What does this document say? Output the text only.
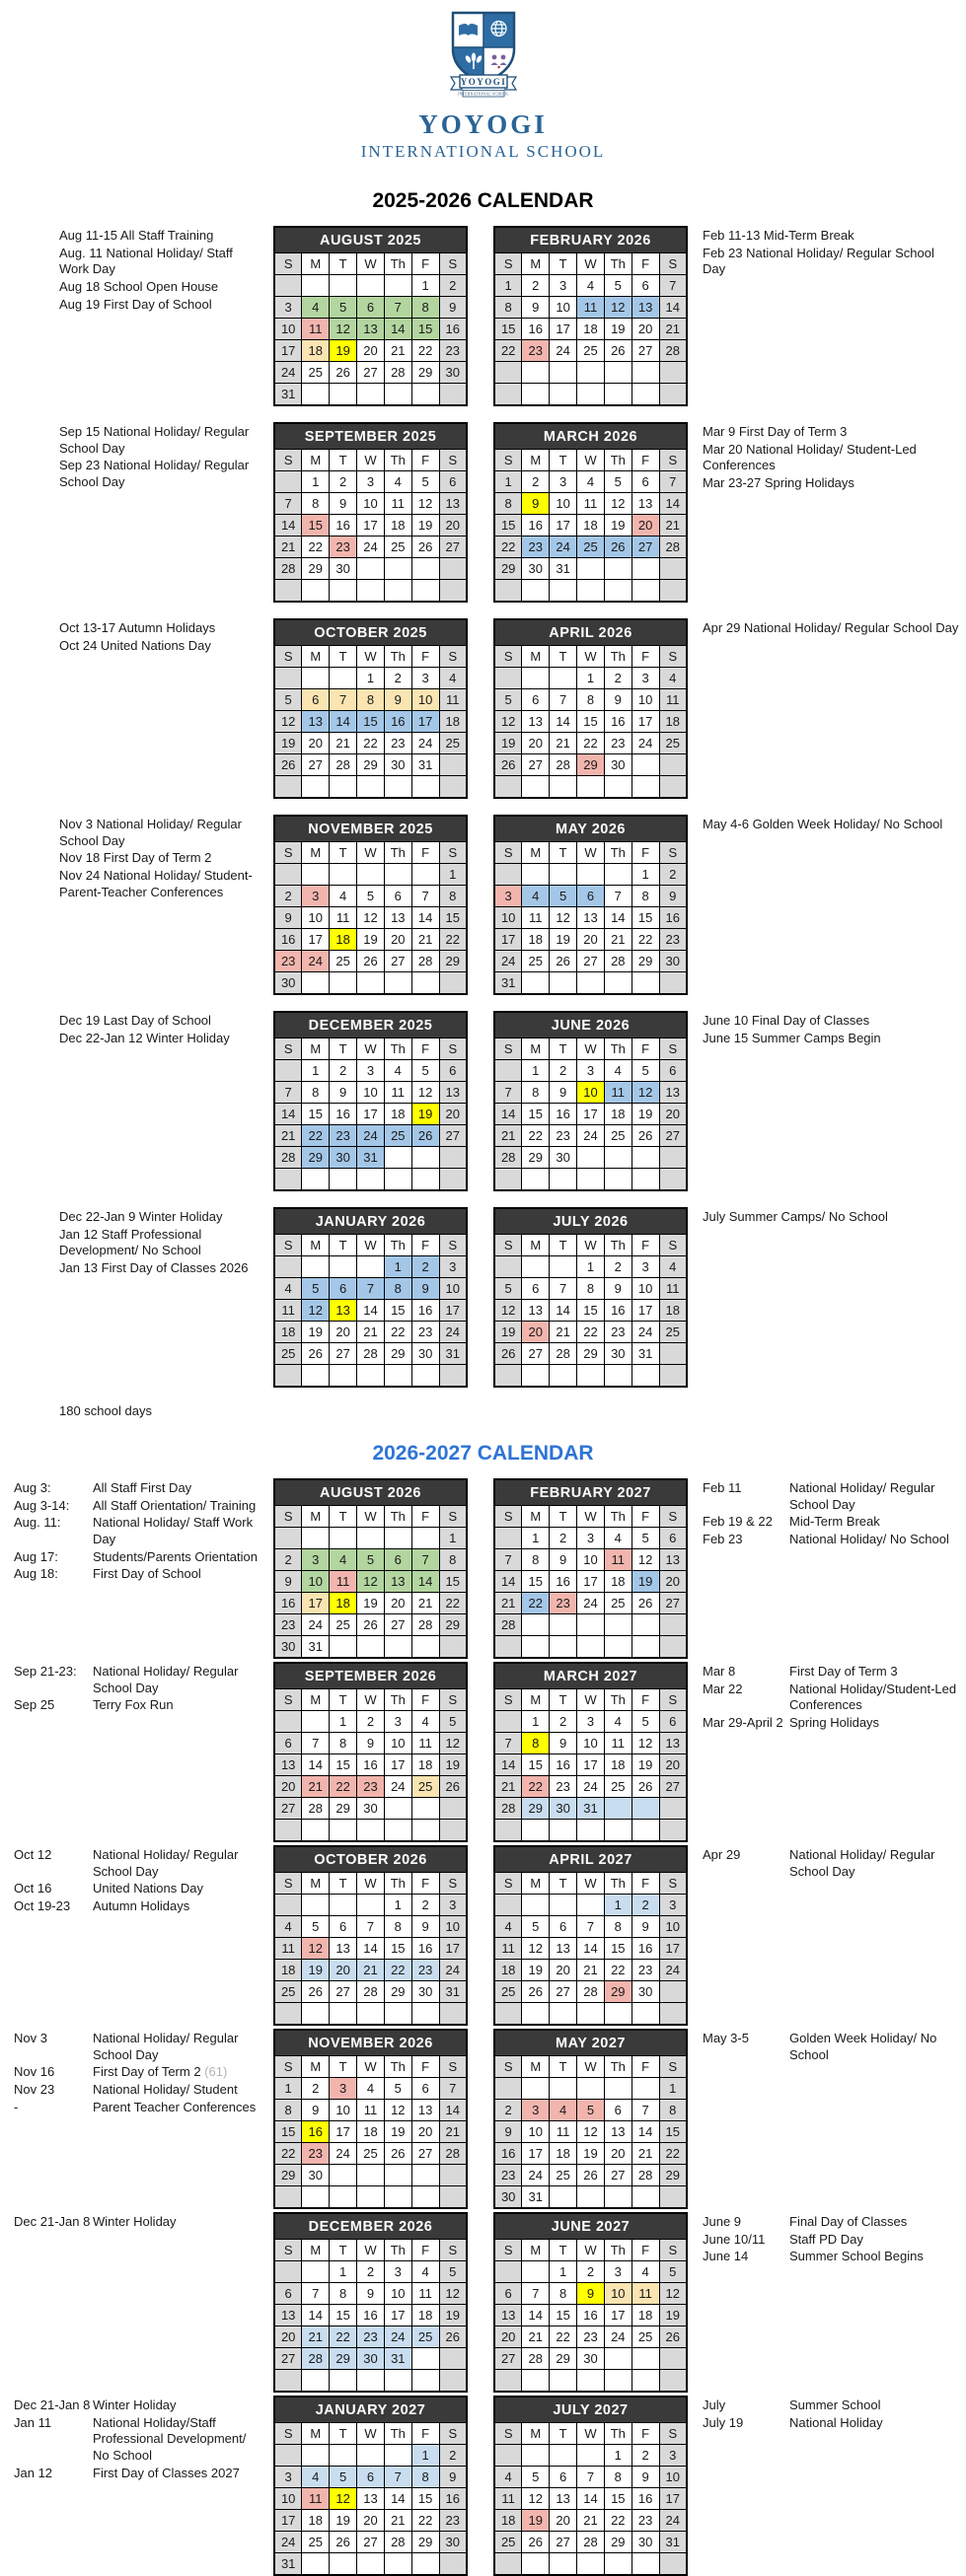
YOYOGI
INTERNATIONAL SCHOOL
YOYOGI
INTERNATIONAL SCHOOL
2025-2026 CALENDAR
Aug 11-15 All Staff Training
Aug. 11 National Holiday/ Staff Work Day
Aug 18 School Open House
Aug 19 First Day of School
AUGUST 2025						
S	M	T	W	Th	F	S
					1	2
3	4	5	6	7	8	9
10	11	12	13	14	15	16
17	18	19	20	21	22	23
24	25	26	27	28	29	30
31						
FEBRUARY 2026						
S	M	T	W	Th	F	S
1	2	3	4	5	6	7
8	9	10	11	12	13	14
15	16	17	18	19	20	21
22	23	24	25	26	27	28

Feb 11-13 Mid-Term Break
Feb 23 National Holiday/ Regular School Day
Sep 15 National Holiday/ Regular School Day
Sep 23 National Holiday/ Regular School Day
SEPTEMBER 2025						
S	M	T	W	Th	F	S
	1	2	3	4	5	6
7	8	9	10	11	12	13
14	15	16	17	18	19	20
21	22	23	24	25	26	27
28	29	30				

MARCH 2026						
S	M	T	W	Th	F	S
1	2	3	4	5	6	7
8	9	10	11	12	13	14
15	16	17	18	19	20	21
22	23	24	25	26	27	28
29	30	31				

Mar 9 First Day of Term 3
Mar 20 National Holiday/ Student-Led Conferences
Mar 23-27 Spring Holidays
Oct 13-17 Autumn Holidays
Oct 24 United Nations Day
OCTOBER 2025						
S	M	T	W	Th	F	S
			1	2	3	4
5	6	7	8	9	10	11
12	13	14	15	16	17	18
19	20	21	22	23	24	25
26	27	28	29	30	31	

APRIL 2026						
S	M	T	W	Th	F	S
			1	2	3	4
5	6	7	8	9	10	11
12	13	14	15	16	17	18
19	20	21	22	23	24	25
26	27	28	29	30		

Apr 29 National Holiday/ Regular School Day
Nov 3 National Holiday/ Regular School Day
Nov 18 First Day of Term 2
Nov 24 National Holiday/ Student-Parent-Teacher Conferences
NOVEMBER 2025						
S	M	T	W	Th	F	S
						1
2	3	4	5	6	7	8
9	10	11	12	13	14	15
16	17	18	19	20	21	22
23	24	25	26	27	28	29
30						
MAY 2026						
S	M	T	W	Th	F	S
					1	2
3	4	5	6	7	8	9
10	11	12	13	14	15	16
17	18	19	20	21	22	23
24	25	26	27	28	29	30
31						
May 4-6 Golden Week Holiday/ No School
Dec 19 Last Day of School
Dec 22-Jan 12 Winter Holiday
DECEMBER 2025						
S	M	T	W	Th	F	S
	1	2	3	4	5	6
7	8	9	10	11	12	13
14	15	16	17	18	19	20
21	22	23	24	25	26	27
28	29	30	31			

JUNE 2026						
S	M	T	W	Th	F	S
	1	2	3	4	5	6
7	8	9	10	11	12	13
14	15	16	17	18	19	20
21	22	23	24	25	26	27
28	29	30				

June 10 Final Day of Classes
June 15 Summer Camps Begin
Dec 22-Jan 9 Winter Holiday
Jan 12 Staff Professional Development/ No School
Jan 13 First Day of Classes 2026
JANUARY 2026						
S	M	T	W	Th	F	S
				1	2	3
4	5	6	7	8	9	10
11	12	13	14	15	16	17
18	19	20	21	22	23	24
25	26	27	28	29	30	31

JULY 2026						
S	M	T	W	Th	F	S
			1	2	3	4
5	6	7	8	9	10	11
12	13	14	15	16	17	18
19	20	21	22	23	24	25
26	27	28	29	30	31	

July Summer Camps/ No School
180 school days
2026-2027 CALENDAR
Aug 3:	All Staff First Day
Aug 3-14:	All Staff Orientation/ Training
Aug. 11:	National Holiday/ Staff Work Day
Aug 17:	Students/Parents Orientation
Aug 18:	First Day of School
AUGUST 2026						
S	M	T	W	Th	F	S
						1
2	3	4	5	6	7	8
9	10	11	12	13	14	15
16	17	18	19	20	21	22
23	24	25	26	27	28	29
30	31					
FEBRUARY 2027						
S	M	T	W	Th	F	S
	1	2	3	4	5	6
7	8	9	10	11	12	13
14	15	16	17	18	19	20
21	22	23	24	25	26	27
28						

Feb 11	National Holiday/ Regular School Day
Feb 19 & 22	Mid-Term Break
Feb 23	National Holiday/ No School
Sep 21-23:	National Holiday/ Regular School Day
Sep 25	Terry Fox Run
SEPTEMBER 2026						
S	M	T	W	Th	F	S
		1	2	3	4	5
6	7	8	9	10	11	12
13	14	15	16	17	18	19
20	21	22	23	24	25	26
27	28	29	30			

MARCH 2027						
S	M	T	W	Th	F	S
	1	2	3	4	5	6
7	8	9	10	11	12	13
14	15	16	17	18	19	20
21	22	23	24	25	26	27
28	29	30	31			

Mar 8	First Day of Term 3
Mar 22	National Holiday/Student-Led Conferences
Mar 29-April 2 Spring Holidays
Oct 12	National Holiday/ Regular School Day
Oct 16	United Nations Day
Oct 19-23	Autumn Holidays
OCTOBER 2026						
S	M	T	W	Th	F	S
				1	2	3
4	5	6	7	8	9	10
11	12	13	14	15	16	17
18	19	20	21	22	23	24
25	26	27	28	29	30	31

APRIL 2027						
S	M	T	W	Th	F	S
				1	2	3
4	5	6	7	8	9	10
11	12	13	14	15	16	17
18	19	20	21	22	23	24
25	26	27	28	29	30	

Apr 29	National Holiday/ Regular School Day
Nov 3	National Holiday/ Regular School Day
Nov 16	First Day of Term 2 (61)
Nov 23	National Holiday/ Student
-	Parent Teacher Conferences
NOVEMBER 2026						
S	M	T	W	Th	F	S
1	2	3	4	5	6	7
8	9	10	11	12	13	14
15	16	17	18	19	20	21
22	23	24	25	26	27	28
29	30					

MAY 2027						
S	M	T	W	Th	F	S
						1
2	3	4	5	6	7	8
9	10	11	12	13	14	15
16	17	18	19	20	21	22
23	24	25	26	27	28	29
30	31					
May 3-5	Golden Week Holiday/ No School
Dec 21-Jan 8 Winter Holiday	DECEMBER 2026						
S	M	T	W	Th	F	S
		1	2	3	4	5
6	7	8	9	10	11	12
13	14	15	16	17	18	19
20	21	22	23	24	25	26
27	28	29	30	31		

JUNE 2027						
S	M	T	W	Th	F	S
		1	2	3	4	5
6	7	8	9	10	11	12
13	14	15	16	17	18	19
20	21	22	23	24	25	26
27	28	29	30			

June 9	Final Day of Classes
June 10/11	Staff PD Day
June 14	Summer School Begins
Dec 21-Jan 8 Winter Holiday
Jan 11	National Holiday/Staff Professional Development/ No School
Jan 12	First Day of Classes 2027
JANUARY 2027						
S	M	T	W	Th	F	S
					1	2
3	4	5	6	7	8	9
10	11	12	13	14	15	16
17	18	19	20	21	22	23
24	25	26	27	28	29	30
31						
JULY 2027						
S	M	T	W	Th	F	S
				1	2	3
4	5	6	7	8	9	10
11	12	13	14	15	16	17
18	19	20	21	22	23	24
25	26	27	28	29	30	31

July	Summer School
July 19	National Holiday
